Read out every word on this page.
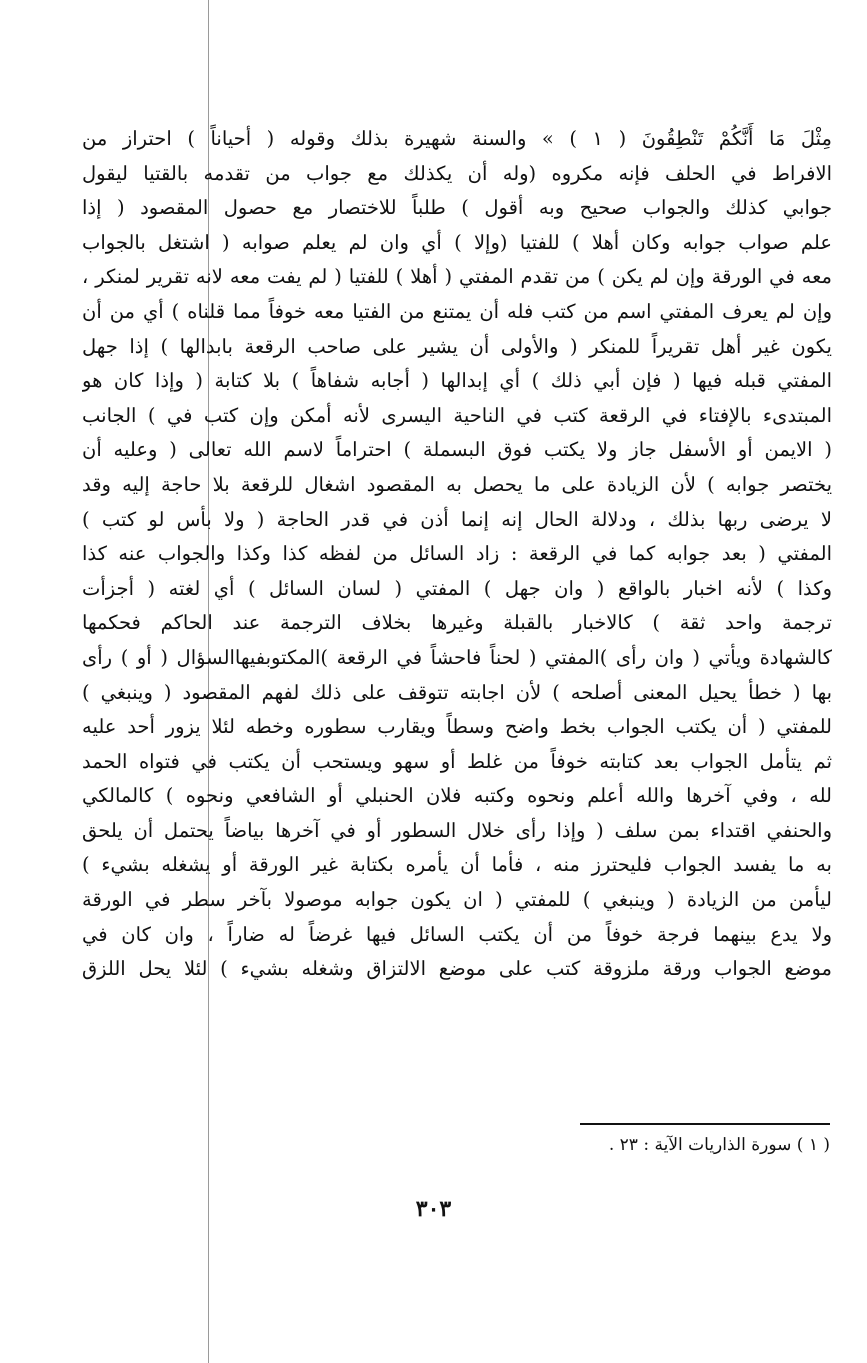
مِثْلَ مَا أَنَّكُمْ تَنْطِقُونَ ( ١ ) » والسنة شهيرة بذلك وقوله ( أحياناً ) احتراز من
الافراط في الحلف فإنه مكروه (وله أن يكذلك مع جواب من تقدمه بالقتيا ليقول
جوابي كذلك والجواب صحيح وبه أقول ) طلباً للاختصار مع حصول المقصود ( إذا
علم صواب جوابه وكان أهلا ) للفتيا (وإلا ) أي وان لم يعلم صوابه ( اشتغل بالجواب
معه في الورقة وإن لم يكن ) من تقدم المفتي ( أهلا ) للفتيا ( لم يفت معه لانه تقرير لمنكر ،
وإن لم يعرف المفتي اسم من كتب فله أن يمتنع من الفتيا معه خوفاً مما قلناه ) أي من أن
يكون غير أهل تقريراً للمنكر ( والأولى أن يشير على صاحب الرقعة بابدالها ) إذا جهل
المفتي قبله فيها ( فإن أبي ذلك ) أي إبدالها ( أجابه شفاهاً ) بلا كتابة ( وإذا كان هو
المبتدىء بالإفتاء في الرقعة كتب في الناحية اليسرى لأنه أمكن وإن كتب في ) الجانب
( الايمن أو الأسفل جاز ولا يكتب فوق البسملة ) احتراماً لاسم الله تعالى ( وعليه أن
يختصر جوابه ) لأن الزيادة على ما يحصل به المقصود اشغال للرقعة بلا حاجة إليه وقد
لا يرضى ربها بذلك ، ودلالة الحال إنه إنما أذن في قدر الحاجة ( ولا بأس لو كتب )
المفتي ( بعد جوابه كما في الرقعة : زاد السائل من لفظه كذا وكذا والجواب عنه كذا
وكذا ) لأنه اخبار بالواقع ( وان جهل ) المفتي ( لسان السائل ) أي لغته ( أجزأت
ترجمة واحد ثقة ) كالاخبار بالقبلة وغيرها بخلاف الترجمة عند الحاكم فحكمها
كالشهادة ويأتي ( وان رأى )المفتي ( لحناً فاحشاً في الرقعة )المكتوبفيهاالسؤال ( أو ) رأى
بها ( خطأ يحيل المعنى أصلحه ) لأن اجابته تتوقف على ذلك لفهم المقصود ( وينبغي )
للمفتي ( أن يكتب الجواب بخط واضح وسطاً ويقارب سطوره وخطه لئلا يزور أحد عليه
ثم يتأمل الجواب بعد كتابته خوفاً من غلط أو سهو ويستحب أن يكتب في فتواه الحمد
لله ، وفي آخرها والله أعلم ونحوه وكتبه فلان الحنبلي أو الشافعي ونحوه ) كالمالكي
والحنفي اقتداء بمن سلف ( وإذا رأى خلال السطور أو في آخرها بياضاً يحتمل أن يلحق
به ما يفسد الجواب فليحترز منه ، فأما أن يأمره بكتابة غير الورقة أو يشغله بشيء )
ليأمن من الزيادة ( وينبغي ) للمفتي ( ان يكون جوابه موصولا بآخر سطر في الورقة
ولا يدع بينهما فرجة خوفاً من أن يكتب السائل فيها غرضاً له ضاراً ، وان كان في
موضع الجواب ورقة ملزوقة كتب على موضع الالتزاق وشغله بشيء ) لئلا يحل اللزق
( ١ ) سورة الذاريات الآية : ٢٣ .
٣٠٣
